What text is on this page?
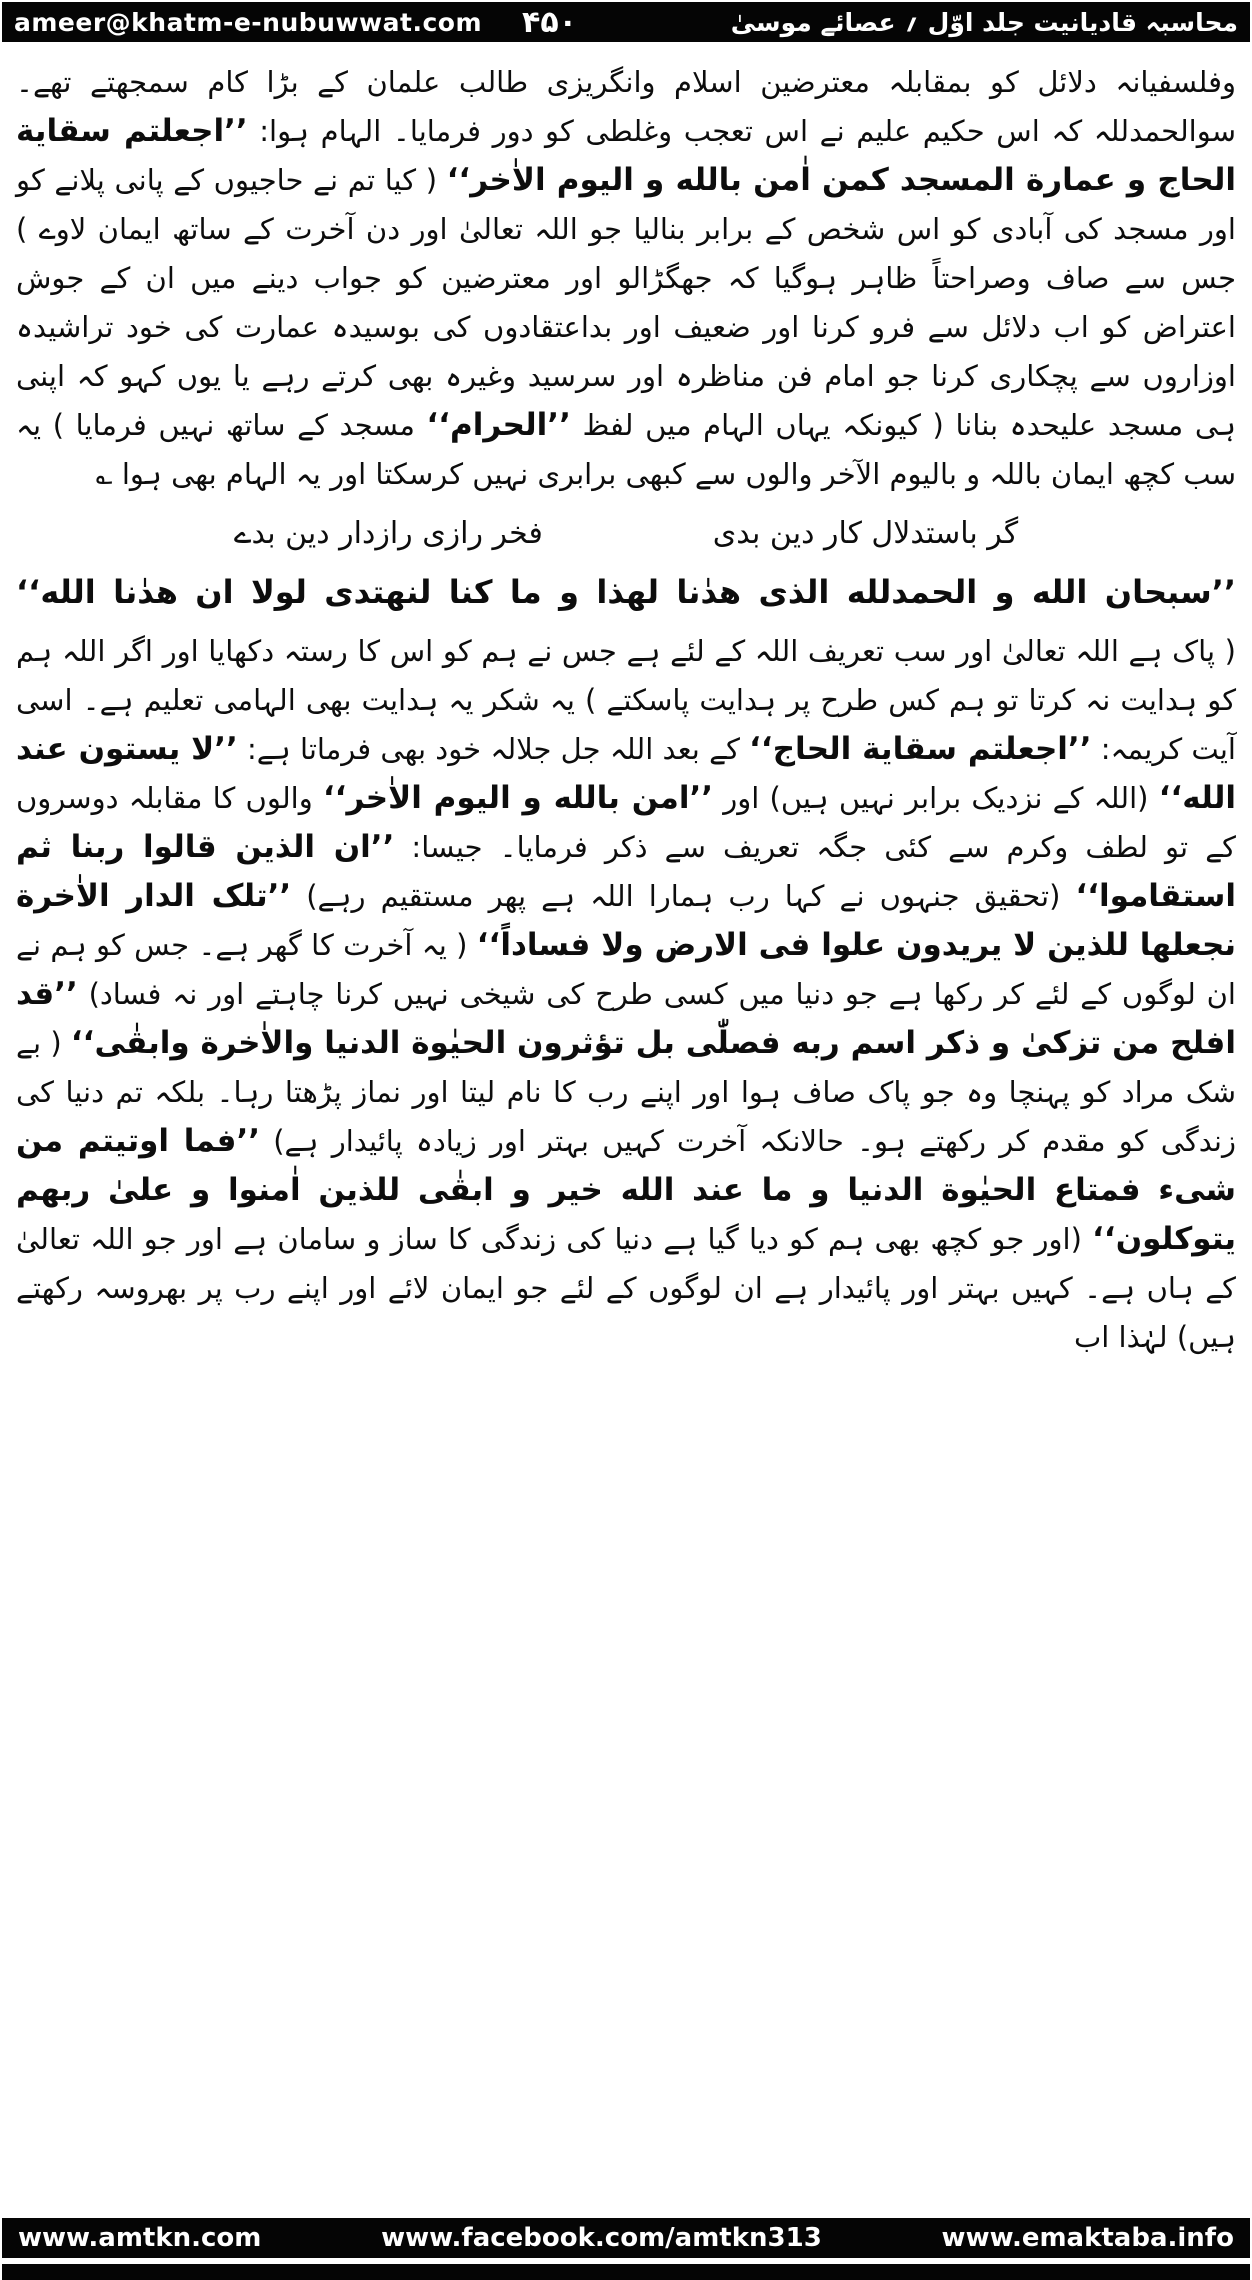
ameer@khatm-e-nubuwwat.com ۴۵۰	محاسبہ قادیانیت جلد اوّل ؍ عصائے موسیٰ
وفلسفیانہ دلائل کو بمقابلہ معترضین اسلام وانگریزی طالب علمان کے بڑا کام سمجھتے تھے۔ سوالحمدللہ کہ اس حکیم علیم نے اس تعجب وغلطی کو دور فرمایا۔ الہام ہوا: ’’اجعلتم سقایة الحاج و عمارة المسجد کمن اٰمن بالله و الیوم الاٰخر‘‘ ( کیا تم نے حاجیوں کے پانی پلانے کو اور مسجد کی آبادی کو اس شخص کے برابر بنالیا جو اللہ تعالیٰ اور دن آخرت کے ساتھ ایمان لاوے ) جس سے صاف وصراحتاً ظاہر ہوگیا کہ جھگڑالو اور معترضین کو جواب دینے میں ان کے جوش اعتراض کو اب دلائل سے فرو کرنا اور ضعیف اور بداعتقادوں کی بوسیدہ عمارت کی خود تراشیدہ اوزاروں سے پچکاری کرنا جو امام فن مناظرہ اور سرسید وغیرہ بھی کرتے رہے یا یوں کہو کہ اپنی ہی مسجد علیحدہ بنانا ( کیونکہ یہاں الہام میں لفظ ’’الحرام‘‘ مسجد کے ساتھ نہیں فرمایا ) یہ سب کچھ ایمان باللہ و بالیوم الآخر والوں سے کبھی برابری نہیں کرسکتا اور یہ الہام بھی ہوا ؎
گر باستدلال کار دین بدی
فخر رازی رازدار دین بدے
’’سبحان الله و الحمدلله الذی ھدٰنا لھذا و ما کنا لنھتدی لولا ان ھدٰنا الله‘‘
( پاک ہے اللہ تعالیٰ اور سب تعریف اللہ کے لئے ہے جس نے ہم کو اس کا رستہ دکھایا اور اگر اللہ ہم کو ہدایت نہ کرتا تو ہم کس طرح پر ہدایت پاسکتے ) یہ شکر یہ ہدایت بھی الہامی تعلیم ہے۔ اسی آیت کریمہ: ’’اجعلتم سقایة الحاج‘‘ کے بعد اللہ جل جلالہ خود بھی فرماتا ہے: ’’لا یستون عند الله‘‘ (اللہ کے نزدیک برابر نہیں ہیں) اور ’’امن بالله و الیوم الاٰخر‘‘ والوں کا مقابلہ دوسروں کے تو لطف وکرم سے کئی جگہ تعریف سے ذکر فرمایا۔ جیسا: ’’ان الذین قالوا ربنا ثم استقاموا‘‘ (تحقیق جنہوں نے کہا رب ہمارا اللہ ہے پھر مستقیم رہے) ’’تلک الدار الاٰخرة نجعلھا للذین لا یریدون علوا فی الارض ولا فساداً‘‘ ( یہ آخرت کا گھر ہے۔ جس کو ہم نے ان لوگوں کے لئے کر رکھا ہے جو دنیا میں کسی طرح کی شیخی نہیں کرنا چاہتے اور نہ فساد) ’’قد افلح من تزکیٰ و ذکر اسم ربه فصلّٰی بل تؤثرون الحیٰوة الدنیا والاٰخرة وابقٰی‘‘ ( بے شک مراد کو پہنچا وہ جو پاک صاف ہوا اور اپنے رب کا نام لیتا اور نماز پڑھتا رہا۔ بلکہ تم دنیا کی زندگی کو مقدم کر رکھتے ہو۔ حالانکہ آخرت کہیں بہتر اور زیادہ پائیدار ہے) ’’فما اوتیتم من شیء فمتاع الحیٰوة الدنیا و ما عند الله خیر و ابقٰی للذین اٰمنوا و علیٰ ربھم یتوکلون‘‘ (اور جو کچھ بھی ہم کو دیا گیا ہے دنیا کی زندگی کا ساز و سامان ہے اور جو اللہ تعالیٰ کے ہاں ہے۔ کہیں بہتر اور پائیدار ہے ان لوگوں کے لئے جو ایمان لائے اور اپنے رب پر بھروسہ رکھتے ہیں) لہٰذا اب
www.amtkn.com	www.facebook.com/amtkn313	www.emaktaba.info
